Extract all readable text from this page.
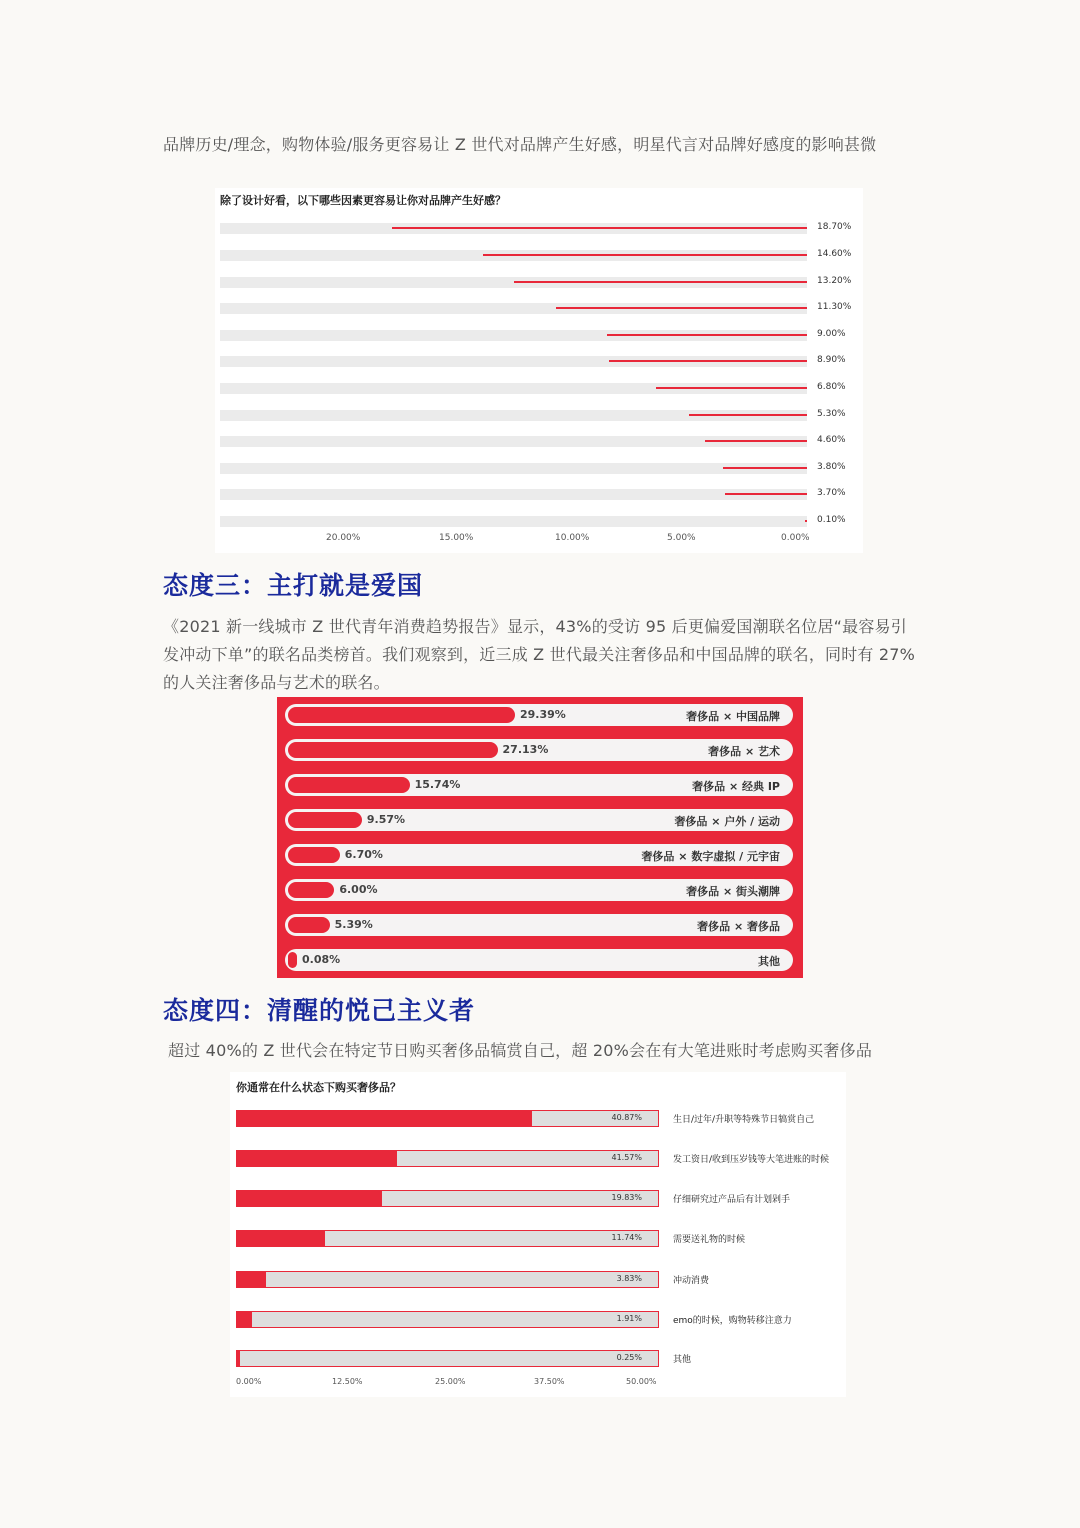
品牌历史/理念，购物体验/服务更容易让 Z 世代对品牌产生好感，明星代言对品牌好感度的影响甚微

除了设计好看，以下哪些因素更容易让你对品牌产生好感？

18.70%
14.60%
13.20%
11.30%
9.00%
8.90%
6.80%
5.30%
4.60%
3.80%
3.70%
0.10%
20.00%	15.00%	10.00%	5.00%	0.00%
态度三：主打就是爱国

《2021 新一线城市 Z 世代青年消费趋势报告》显示，43%的受访 95 后更偏爱国潮联名位居“最容易引发冲动下单”的联名品类榜首。我们观察到，近三成 Z 世代最关注奢侈品和中国品牌的联名，同时有 27%的人关注奢侈品与艺术的联名。

29.39%	奢侈品 × 中国品牌
27.13%	奢侈品 × 艺术
15.74%	奢侈品 × 经典 IP
9.57%	奢侈品 × 户外 / 运动
6.70%	奢侈品 × 数字虚拟 / 元宇宙
6.00%	奢侈品 × 街头潮牌
5.39%	奢侈品 × 奢侈品
0.08%	其他
态度四：清醒的悦己主义者

超过 40%的 Z 世代会在特定节日购买奢侈品犒赏自己，超 20%会在有大笔进账时考虑购买奢侈品

你通常在什么状态下购买奢侈品？

40.87%	生日/过年/升职等特殊节日犒赏自己
41.57%	发工资日/收到压岁钱等大笔进账的时候
19.83%	仔细研究过产品后有计划剁手
11.74%	需要送礼物的时候
3.83%	冲动消费
1.91%	emo的时候，购物转移注意力
0.25%	其他
0.00%	12.50%	25.00%	37.50%	50.00%
